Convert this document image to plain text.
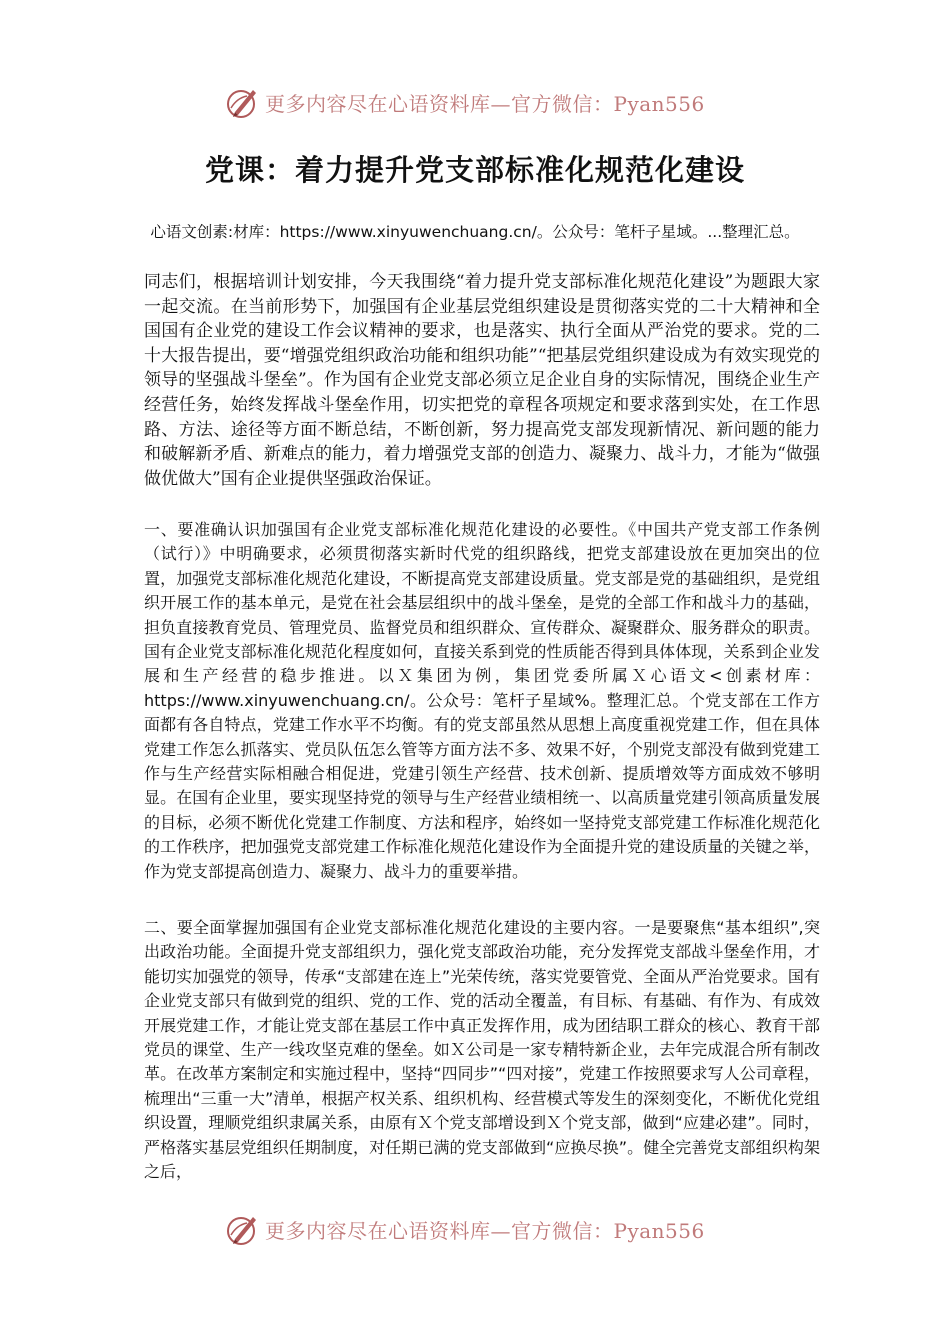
更多内容尽在心语资料库—官方微信：Pyan556
党课：着力提升党支部标准化规范化建设

心语文创素:材库：https://www.xinyuwenchuang.cn/。公众号：笔杆子星域。...整理汇总。

同志们，根据培训计划安排，今天我围绕“着力提升党支部标准化规范化建设”为题跟大家一起交流。在当前形势下，加强国有企业基层党组织建设是贯彻落实党的二十大精神和全国国有企业党的建设工作会议精神的要求，也是落实、执行全面从严治党的要求。党的二十大报告提出，要“增强党组织政治功能和组织功能”“把基层党组织建设成为有效实现党的领导的坚强战斗堡垒”。作为国有企业党支部必须立足企业自身的实际情况，围绕企业生产经营任务，始终发挥战斗堡垒作用，切实把党的章程各项规定和要求落到实处，在工作思路、方法、途径等方面不断总结，不断创新，努力提高党支部发现新情况、新问题的能力和破解新矛盾、新难点的能力，着力增强党支部的创造力、凝聚力、战斗力，才能为“做强做优做大”国有企业提供坚强政治保证。

一、要准确认识加强国有企业党支部标准化规范化建设的必要性。《中国共产党支部工作条例（试行）》中明确要求，必须贯彻落实新时代党的组织路线，把党支部建设放在更加突出的位置，加强党支部标准化规范化建设，不断提高党支部建设质量。党支部是党的基础组织，是党组织开展工作的基本单元，是党在社会基层组织中的战斗堡垒，是党的全部工作和战斗力的基础，担负直接教育党员、管理党员、监督党员和组织群众、宣传群众、凝聚群众、服务群众的职责。国有企业党支部标准化规范化程度如何，直接关系到党的性质能否得到具体体现，关系到企业发展和生产经营的稳步推进。以Ｘ集团为例，集团党委所属Ｘ心语文<创素材库：https://www.xinyuwenchuang.cn/。公众号：笔杆子星域%。整理汇总。个党支部在工作方面都有各自特点，党建工作水平不均衡。有的党支部虽然从思想上高度重视党建工作，但在具体党建工作怎么抓落实、党员队伍怎么管等方面方法不多、效果不好，个别党支部没有做到党建工作与生产经营实际相融合相促进，党建引领生产经营、技术创新、提质增效等方面成效不够明显。在国有企业里，要实现坚持党的领导与生产经营业绩相统一、以高质量党建引领高质量发展的目标，必须不断优化党建工作制度、方法和程序，始终如一坚持党支部党建工作标准化规范化的工作秩序，把加强党支部党建工作标准化规范化建设作为全面提升党的建设质量的关键之举，作为党支部提高创造力、凝聚力、战斗力的重要举措。

二、要全面掌握加强国有企业党支部标准化规范化建设的主要内容。一是要聚焦“基本组织”,突出政治功能。全面提升党支部组织力，强化党支部政治功能，充分发挥党支部战斗堡垒作用，才能切实加强党的领导，传承“支部建在连上”光荣传统，落实党要管党、全面从严治党要求。国有企业党支部只有做到党的组织、党的工作、党的活动全覆盖，有目标、有基础、有作为、有成效开展党建工作，才能让党支部在基层工作中真正发挥作用，成为团结职工群众的核心、教育干部党员的课堂、生产一线攻坚克难的堡垒。如Ｘ公司是一家专精特新企业，去年完成混合所有制改革。在改革方案制定和实施过程中，坚持“四同步”“四对接”，党建工作按照要求写人公司章程，梳理出“三重一大”清单，根据产权关系、组织机构、经营模式等发生的深刻变化，不断优化党组织设置，理顺党组织隶属关系，由原有Ｘ个党支部增设到Ｘ个党支部，做到“应建必建”。同时，严格落实基层党组织任期制度，对任期已满的党支部做到“应换尽换”。健全完善党支部组织构架之后，

更多内容尽在心语资料库—官方微信：Pyan556
